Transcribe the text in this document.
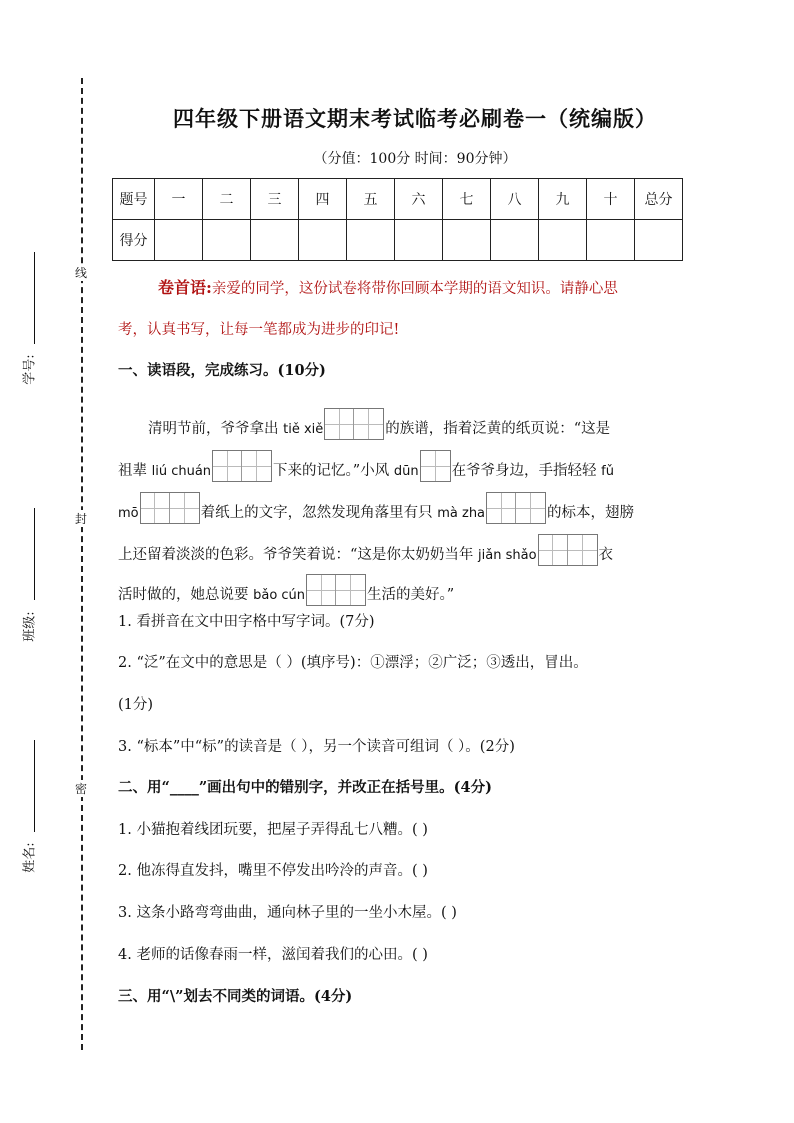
线
封
密
学号:
班级:
姓名:
四年级下册语文期末考试临考必刷卷一（统编版）
（分值：100分 时间：90分钟）
题号	一	二	三	四	五	六	七	八	九	十	总分
得分											
卷首语:亲爱的同学，这份试卷将带你回顾本学期的语文知识。请静心思
考，认真书写，让每一笔都成为进步的印记!
一、读语段，完成练习。(10分)
清明节前，爷爷拿出 tiě xiě	的族谱，指着泛黄的纸页说：“这是
祖辈 liú chuán	下来的记忆。”小风 dūn 在爷爷身边，手指轻轻 fǔ
mō	着纸上的文字，忽然发现角落里有只 mà zha	的标本，翅膀
上还留着淡淡的色彩。爷爷笑着说：“这是你太奶奶当年 jiǎn shǎo	衣
活时做的，她总说要 bǎo cún	生活的美好。”
1. 看拼音在文中田字格中写字词。(7分)
2. “泛”在文中的意思是（ ）(填序号)：①漂浮；②广泛；③透出，冒出。
(1分)
3. “标本”中“标”的读音是（ ），另一个读音可组词（ ）。(2分)
二、用“____”画出句中的错别字，并改正在括号里。(4分)
1. 小猫抱着线团玩要，把屋子弄得乱七八糟。( )
2. 他冻得直发抖，嘴里不停发出吟泠的声音。( )
3. 这条小路弯弯曲曲，通向林子里的一坐小木屋。( )
4. 老师的话像春雨一样，滋闰着我们的心田。( )
三、用“\”划去不同类的词语。(4分)
